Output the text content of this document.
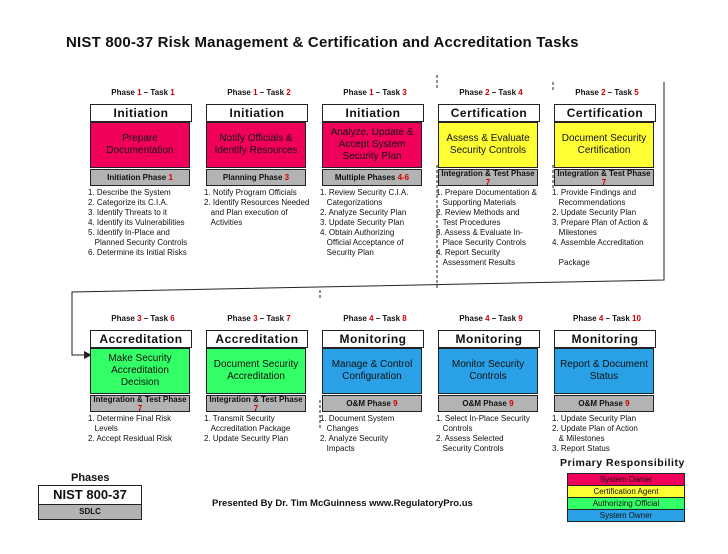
NIST 800-37 Risk Management & Certification and Accreditation Tasks
Phase 1 – Task 1
Initiation
Prepare Documentation
Initiation Phase 1
1. Describe the System
2. Categorize its C.I.A.
3. Identify Threats to it
4. Identify its Vulnerabilities
5. Identify In-Place and
Planned Security Controls
6. Determine its Initial Risks
Phase 1 – Task 2
Initiation
Notify Officials & Identify Resources
Planning Phase 3
1. Notify Program Officials
2. Identify Resources Needed
and Plan execution of
Activities
Phase 1 – Task 3
Initiation
Analyze, Update & Accept System Security Plan
Multiple Phases 4-6
1. Review Security C.I.A.
Categorizations
2. Analyze Security Plan
3. Update Security Plan
4. Obtain Authorizing
Official Acceptance of
Security Plan
Phase 2 – Task 4
Certification
Assess & Evaluate Security Controls
Integration & Test Phase 7
1. Prepare Documentation &
Supporting Materials
2. Review Methods and
Test Procedures
3. Assess & Evaluate In-
Place Security Controls
4. Report Security
Assessment Results
Phase 2 – Task 5
Certification
Document Security Certification
Integration & Test Phase 7
1. Provide Findings and
Recommendations
2. Update Security Plan
3. Prepare Plan of Action &
Milestones
4. Assemble Accreditation

Package
Phase 3 – Task 6
Accreditation
Make Security Accreditation Decision
Integration & Test Phase 7
1. Determine Final Risk
Levels
2. Accept Residual Risk
Phase 3 – Task 7
Accreditation
Document Security Accreditation
Integration & Test Phase 7
1. Transmit Security
Accreditation Package
2. Update Security Plan
Phase 4 – Task 8
Monitoring
Manage & Control Configuration
O&M Phase 9
1. Document System
Changes
2. Analyze Security
Impacts
Phase 4 – Task 9
Monitoring
Monitor Security Controls
O&M Phase 9
1. Select In-Place Security
Controls
2. Assess Selected
Security Controls
Phase 4 – Task 10
Monitoring
Report & Document Status
O&M Phase 9
1. Update Security Plan
2. Update Plan of Action
& Milestones
3. Report Status
Phases
NIST 800-37
SDLC
Presented By Dr. Tim McGuinness www.RegulatoryPro.us
Primary Responsibility
System Owner
Certification Agent
Authorizing Official
System Owner
